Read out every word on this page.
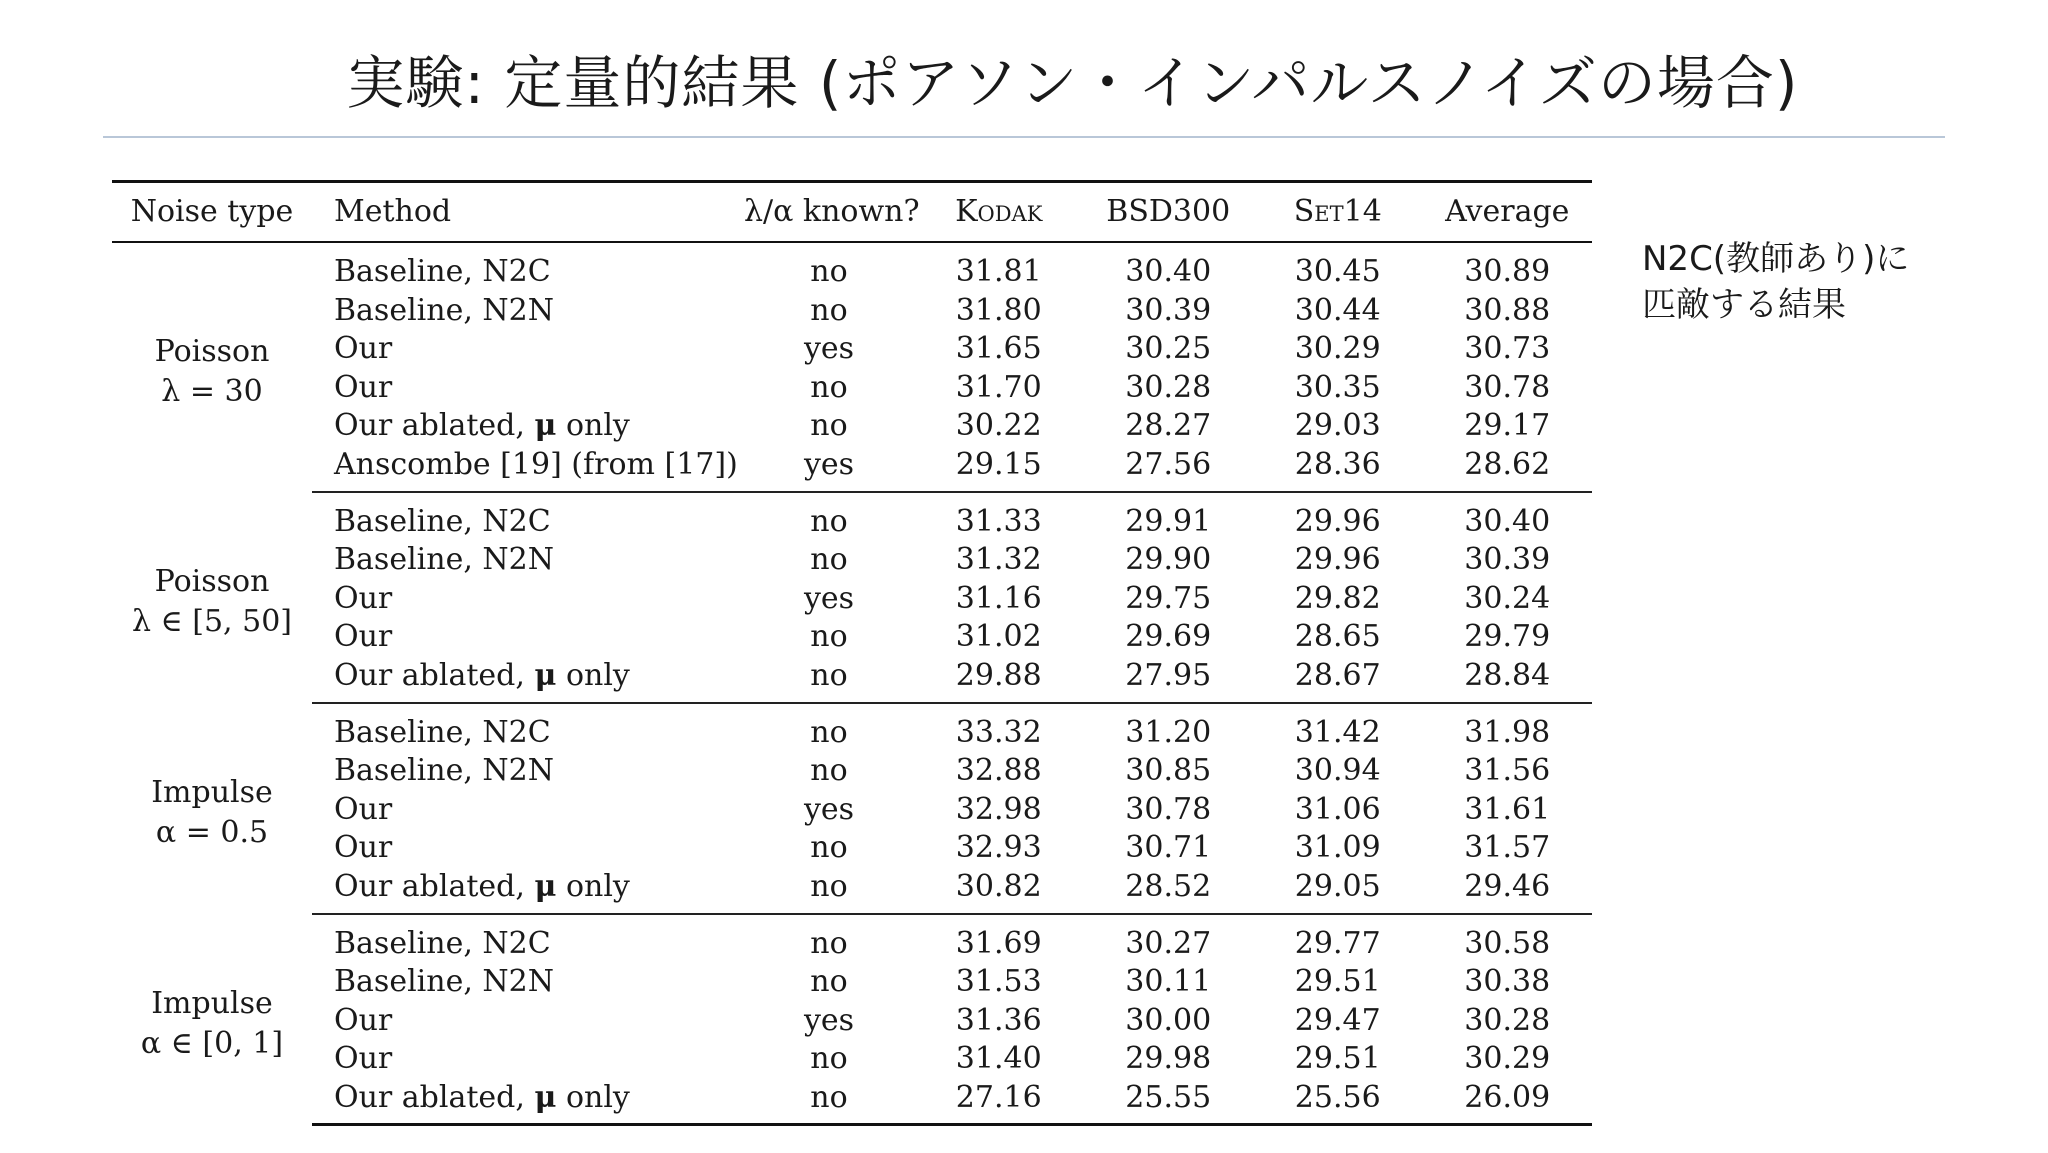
実験: 定量的結果 (ポアソン・インパルスノイズの場合)
Noise type	Method	λ/α known?	Kodak	BSD300	Set14	Average

Poisson
λ = 30	Baseline, N2C	no	31.81	30.40	30.45	30.89
	Baseline, N2N	no	31.80	30.39	30.44	30.88
	Our	yes	31.65	30.25	30.29	30.73
	Our	no	31.70	30.28	30.35	30.78
	Our ablated, μ only	no	30.22	28.27	29.03	29.17
	Anscombe [19] (from [17])	yes	29.15	27.56	28.36	28.62

Poisson
λ ∈ [5, 50]	Baseline, N2C	no	31.33	29.91	29.96	30.40
	Baseline, N2N	no	31.32	29.90	29.96	30.39
	Our	yes	31.16	29.75	29.82	30.24
	Our	no	31.02	29.69	28.65	29.79
	Our ablated, μ only	no	29.88	27.95	28.67	28.84

Impulse
α = 0.5	Baseline, N2C	no	33.32	31.20	31.42	31.98
	Baseline, N2N	no	32.88	30.85	30.94	31.56
	Our	yes	32.98	30.78	31.06	31.61
	Our	no	32.93	30.71	31.09	31.57
	Our ablated, μ only	no	30.82	28.52	29.05	29.46

Impulse
α ∈ [0, 1]	Baseline, N2C	no	31.69	30.27	29.77	30.58
	Baseline, N2N	no	31.53	30.11	29.51	30.38
	Our	yes	31.36	30.00	29.47	30.28
	Our	no	31.40	29.98	29.51	30.29
	Our ablated, μ only	no	27.16	25.55	25.56	26.09
N2C(教師あり)に
匹敵する結果
